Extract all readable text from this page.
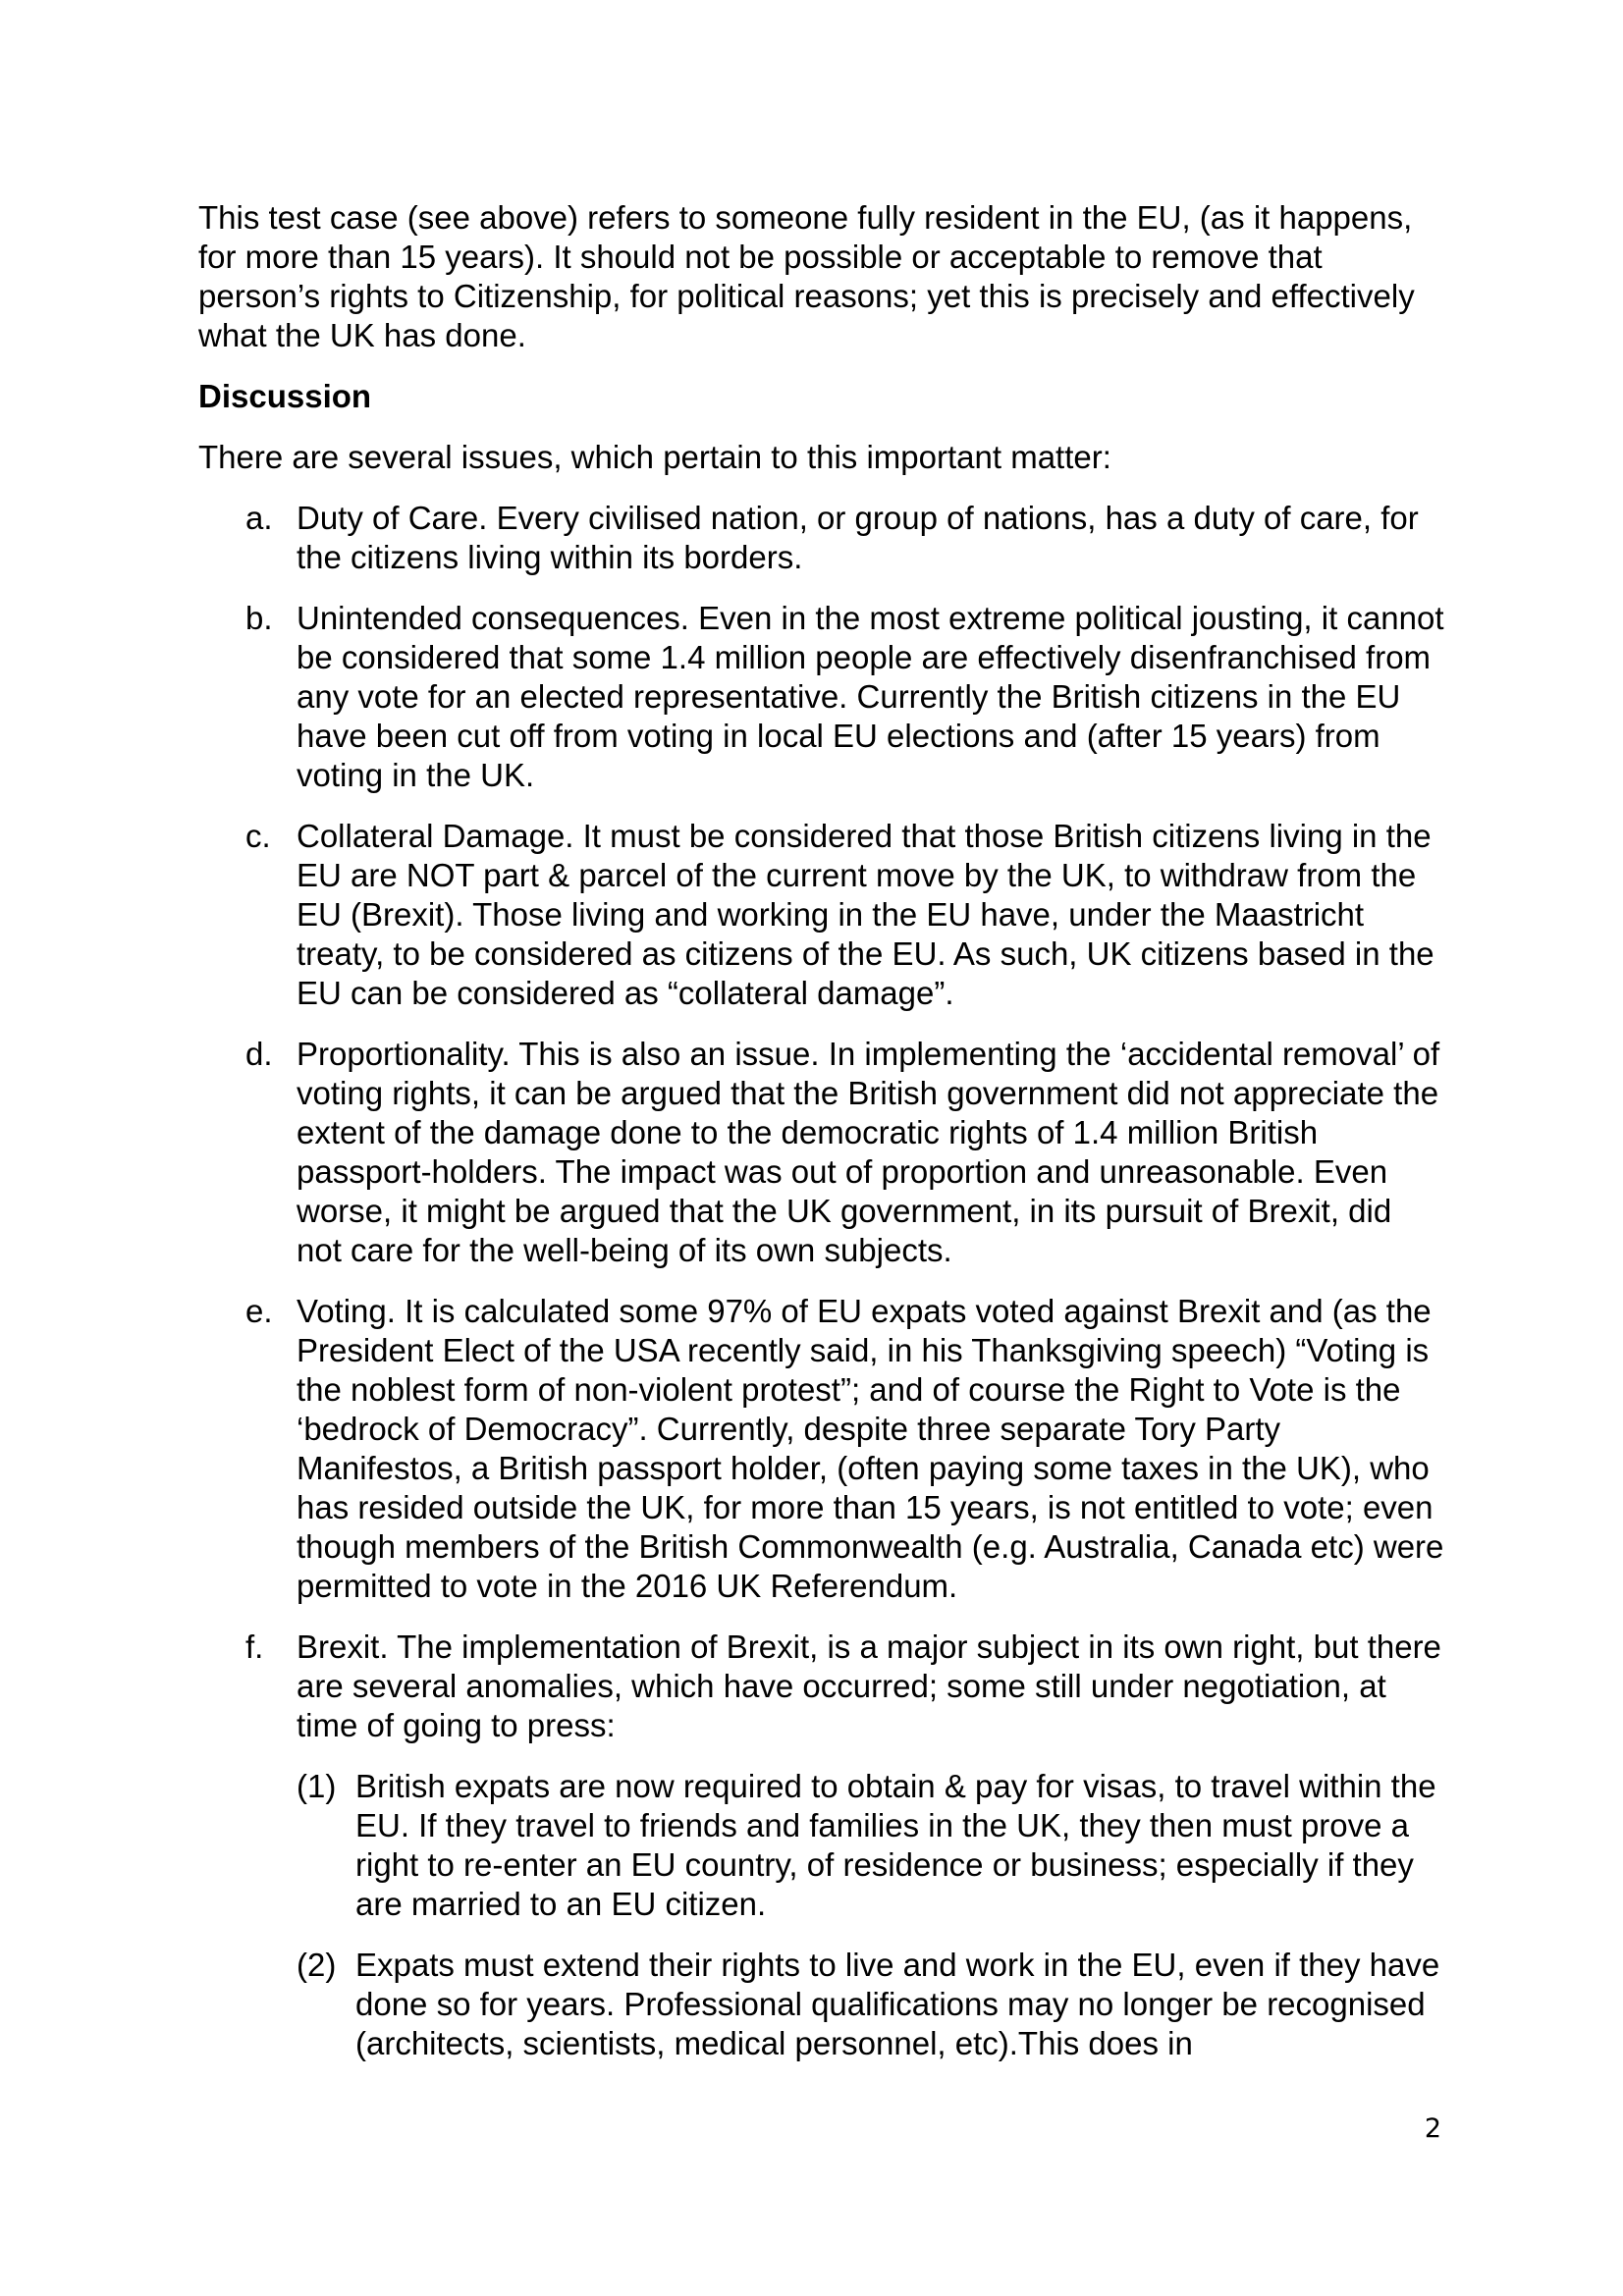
This test case (see above) refers to someone fully resident in the EU, (as it happens, for more than 15 years). It should not be possible or acceptable to remove that person’s rights to Citizenship, for political reasons; yet this is precisely and effectively what the UK has done.

Discussion

There are several issues, which pertain to this important matter:

a. Duty of Care. Every civilised nation, or group of nations, has a duty of care, for the citizens living within its borders.
b. Unintended consequences. Even in the most extreme political jousting, it cannot be considered that some 1.4 million people are effectively disenfranchised from any vote for an elected representative. Currently the British citizens in the EU have been cut off from voting in local EU elections and (after 15 years) from voting in the UK.
c. Collateral Damage. It must be considered that those British citizens living in the EU are NOT part & parcel of the current move by the UK, to withdraw from the EU (Brexit). Those living and working in the EU have, under the Maastricht treaty, to be considered as citizens of the EU. As such, UK citizens based in the EU can be considered as “collateral damage”.
d. Proportionality. This is also an issue. In implementing the ‘accidental removal’ of voting rights, it can be argued that the British government did not appreciate the extent of the damage done to the democratic rights of 1.4 million British passport-holders. The impact was out of proportion and unreasonable. Even worse, it might be argued that the UK government, in its pursuit of Brexit, did not care for the well-being of its own subjects.
e. Voting. It is calculated some 97% of EU expats voted against Brexit and (as the President Elect of the USA recently said, in his Thanksgiving speech) “Voting is the noblest form of non-violent protest”; and of course the Right to Vote is the ‘bedrock of Democracy”. Currently, despite three separate Tory Party Manifestos, a British passport holder, (often paying some taxes in the UK), who has resided outside the UK, for more than 15 years, is not entitled to vote; even though members of the British Commonwealth (e.g. Australia, Canada etc) were permitted to vote in the 2016 UK Referendum.
f. Brexit. The implementation of Brexit, is a major subject in its own right, but there are several anomalies, which have occurred; some still under negotiation, at time of going to press:
(1) British expats are now required to obtain & pay for visas, to travel within the EU. If they travel to friends and families in the UK, they then must prove a right to re-enter an EU country, of residence or business; especially if they are married to an EU citizen.
(2) Expats must extend their rights to live and work in the EU, even if they have done so for years. Professional qualifications may no longer be recognised (architects, scientists, medical personnel, etc).This does in
2
